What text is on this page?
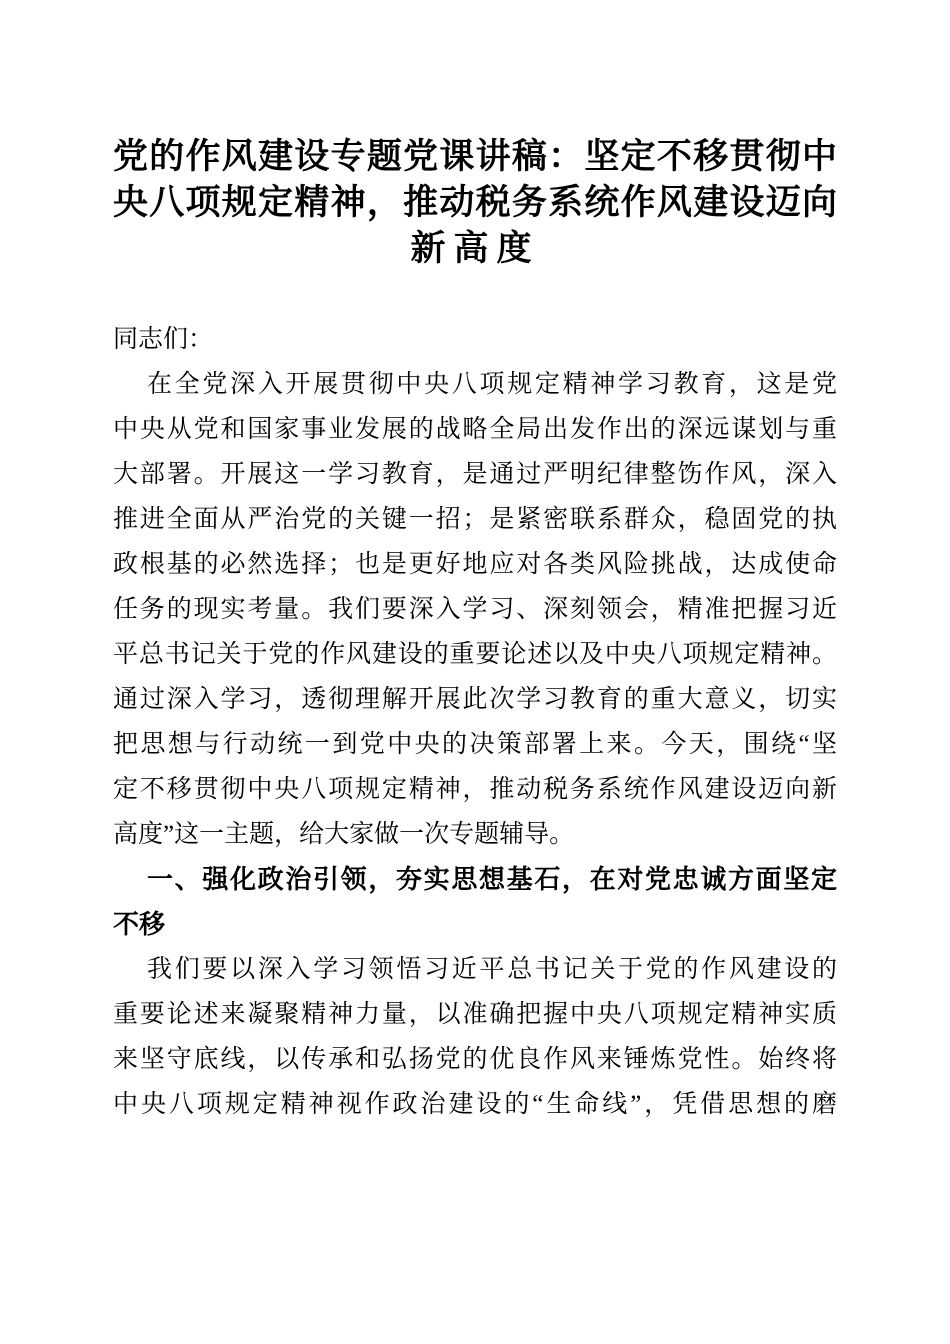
党的作风建设专题党课讲稿：坚定不移贯彻中
央八项规定精神，推动税务系统作风建设迈向
新高度
同志们：
在全党深入开展贯彻中央八项规定精神学习教育，这是党
中央从党和国家事业发展的战略全局出发作出的深远谋划与重
大部署。开展这一学习教育，是通过严明纪律整饬作风，深入
推进全面从严治党的关键一招；是紧密联系群众，稳固党的执
政根基的必然选择；也是更好地应对各类风险挑战，达成使命
任务的现实考量。我们要深入学习、深刻领会，精准把握习近
平总书记关于党的作风建设的重要论述以及中央八项规定精神。
通过深入学习，透彻理解开展此次学习教育的重大意义，切实
把思想与行动统一到党中央的决策部署上来。今天，围绕“坚
定不移贯彻中央八项规定精神，推动税务系统作风建设迈向新
高度”这一主题，给大家做一次专题辅导。
一、强化政治引领，夯实思想基石，在对党忠诚方面坚定
不移
我们要以深入学习领悟习近平总书记关于党的作风建设的
重要论述来凝聚精神力量，以准确把握中央八项规定精神实质
来坚守底线，以传承和弘扬党的优良作风来锤炼党性。始终将
中央八项规定精神视作政治建设的“生命线”，凭借思想的磨
